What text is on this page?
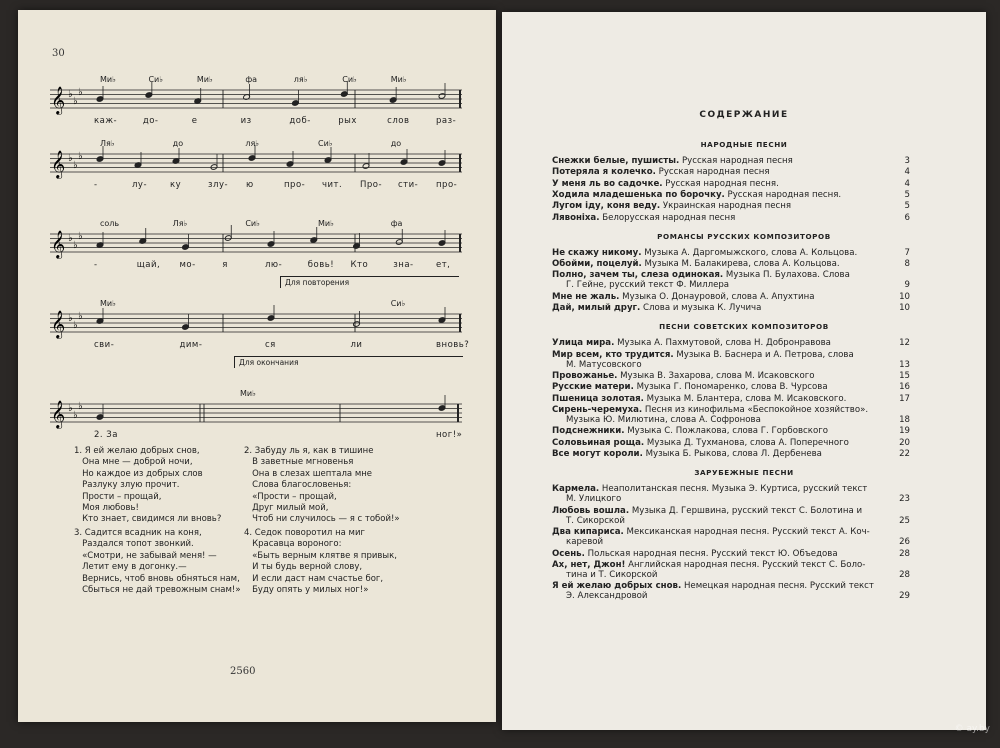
30
каж-	до-	е	из	доб-	рых	слов	раз-
𝄞 ♭
♭
♭
Ми♭	Си♭	Ми♭	фа	ля♭	Си♭	Ми♭
-	лу-	ку	злу- ю	про- чит. Про- сти- про-
𝄞 ♭
♭
♭
Ля♭	до	ля♭	Си♭	до
-	щай, мо-	я	лю-	бовь! Кто	зна-	ет,
𝄞 ♭
♭
♭
соль	Ля♭	Си♭	Ми♭	фа
Для повторения
сви-	дим-	ся	ли	вновь?
𝄞 ♭
♭
♭
Ми♭	Си♭
Для окончания
2. За	ног!»
𝄞 ♭
♭
♭
Ми♭
1. Я ей желаю добрых снов,
Она мне — доброй ночи,
Но каждое из добрых слов
Разлуку злую прочит.
Прости – прощай,
Моя любовь!
Кто знает, свидимся ли вновь?
2. Забуду ль я, как в тишине
В заветные мгновенья
Она в слезах шептала мне
Слова благословенья:
«Прости – прощай,
Друг милый мой,
Чтоб ни случилось — я с тобой!»
3. Садится всадник на коня,
Раздался топот звонкий.
«Смотри, не забывай меня! —
Летит ему в догонку.—
Вернись, чтоб вновь обняться нам,
Сбыться не дай тревожным снам!»
4. Седок поворотил на миг
Красавца вороного:
«Быть верным клятве я привык,
И ты будь верной слову,
И если даст нам счастье бог,
Буду опять у милых ног!»
2560
СОДЕРЖАНИЕ
НАРОДНЫЕ ПЕСНИ
Снежки белые, пушисты. Русская народная песня	3
Потеряла я колечко. Русская народная песня	4
У меня ль во садочке. Русская народная песня.	4
Ходила младешенька по борочку. Русская народная песня.	5
Лугом іду, коня веду. Украинская народная песня	5
Лявоніха. Белорусская народная песня	6
РОМАНСЫ РУССКИХ КОМПОЗИТОРОВ
Не скажу никому. Музыка А. Даргомыжского, слова А. Кольцова.	7
Обойми, поцелуй. Музыка М. Балакирева, слова А. Кольцова.	8
Полно, зачем ты, слеза одинокая. Музыка П. Булахова. Слова
Г. Гейне, русский текст Ф. Миллера	9
Мне не жаль. Музыка О. Донауровой, слова А. Апухтина	10
Дай, милый друг. Слова и музыка К. Лучича	10
ПЕСНИ СОВЕТСКИХ КОМПОЗИТОРОВ
Улица мира. Музыка А. Пахмутовой, слова Н. Добронравова	12
Мир всем, кто трудится. Музыка В. Баснера и А. Петрова, слова
М. Матусовского	13
Провожанье. Музыка В. Захарова, слова М. Исаковского	15
Русские матери. Музыка Г. Пономаренко, слова В. Чурсова	16
Пшеница золотая. Музыка М. Блантера, слова М. Исаковского.	17
Сирень-черемуха. Песня из кинофильма «Беспокойное хозяйство».
Музыка Ю. Милютина, слова А. Софронова	18
Подснежники. Музыка С. Пожлакова, слова Г. Горбовского	19
Соловьиная роща. Музыка Д. Тухманова, слова А. Поперечного	20
Все могут короли. Музыка Б. Рыкова, слова Л. Дербенева	22
ЗАРУБЕЖНЫЕ ПЕСНИ
Кармела. Неаполитанская песня. Музыка Э. Куртиса, русский текст
М. Улицкого	23
Любовь вошла. Музыка Д. Гершвина, русский текст С. Болотина и
Т. Сикорской	25
Два кипариса. Мексиканская народная песня. Русский текст А. Коч-
каревой	26
Осень. Польская народная песня. Русский текст Ю. Объедова	28
Ах, нет, Джон! Английская народная песня. Русский текст С. Боло-
тина и Т. Сикорской	28
Я ей желаю добрых снов. Немецкая народная песня. Русский текст
Э. Александровой	29
© ay.by
